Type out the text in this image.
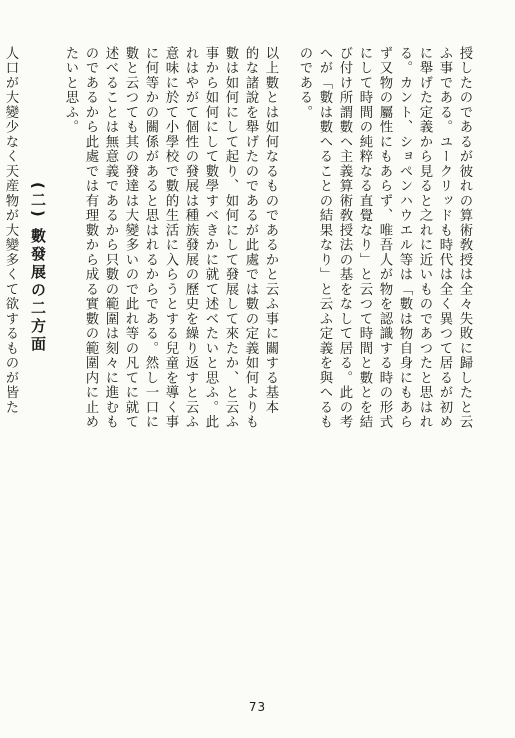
授したのであるが彼れの算術敎授は全々失敗に歸したと云
ふ事である。ユークリッドも時代は全く異つて居るが初め
に舉げた定義から見ると之れに近いものであつたと思はれ
る。カント、ショペンハウエル等は「數は物自身にもあら
ず又物の屬性にもあらず、唯吾人が物を認識する時の形式
にして時間の純粹なる直覺なり」と云つて時間と數とを結
び付け所謂數ヘ主義算術敎授法の基をなして居る。此の考
へが「數は數へることの結果なり」と云ふ定義を與へるも
のである。
以上數とは如何なるものであるかと云ふ事に關する基本
的な諸說を舉げたのであるが此處では數の定義如何よりも
數は如何にして起り、如何にして發展して來たか、と云ふ
事から如何にして數學すべきかに就て述べたいと思ふ。此
れはやがて個性の發展は種族發展の歷史を繰り返すと云ふ
意味に於て小學校で數的生活に入らうとする兒童を導く事
に何等かの關係があると思はれるからである。然し一口に
數と云つても其の發達は大變多いので此れ等の凡てに就て
述べることは無意義であるから只數の範圍は刻々に進むも
のであるから此處では有理數から成る實數の範圍内に止め
たいと思ふ。
(二) 數發展の二方面
人口が大變少なく天産物が大變多くて欲するものが皆た
73
